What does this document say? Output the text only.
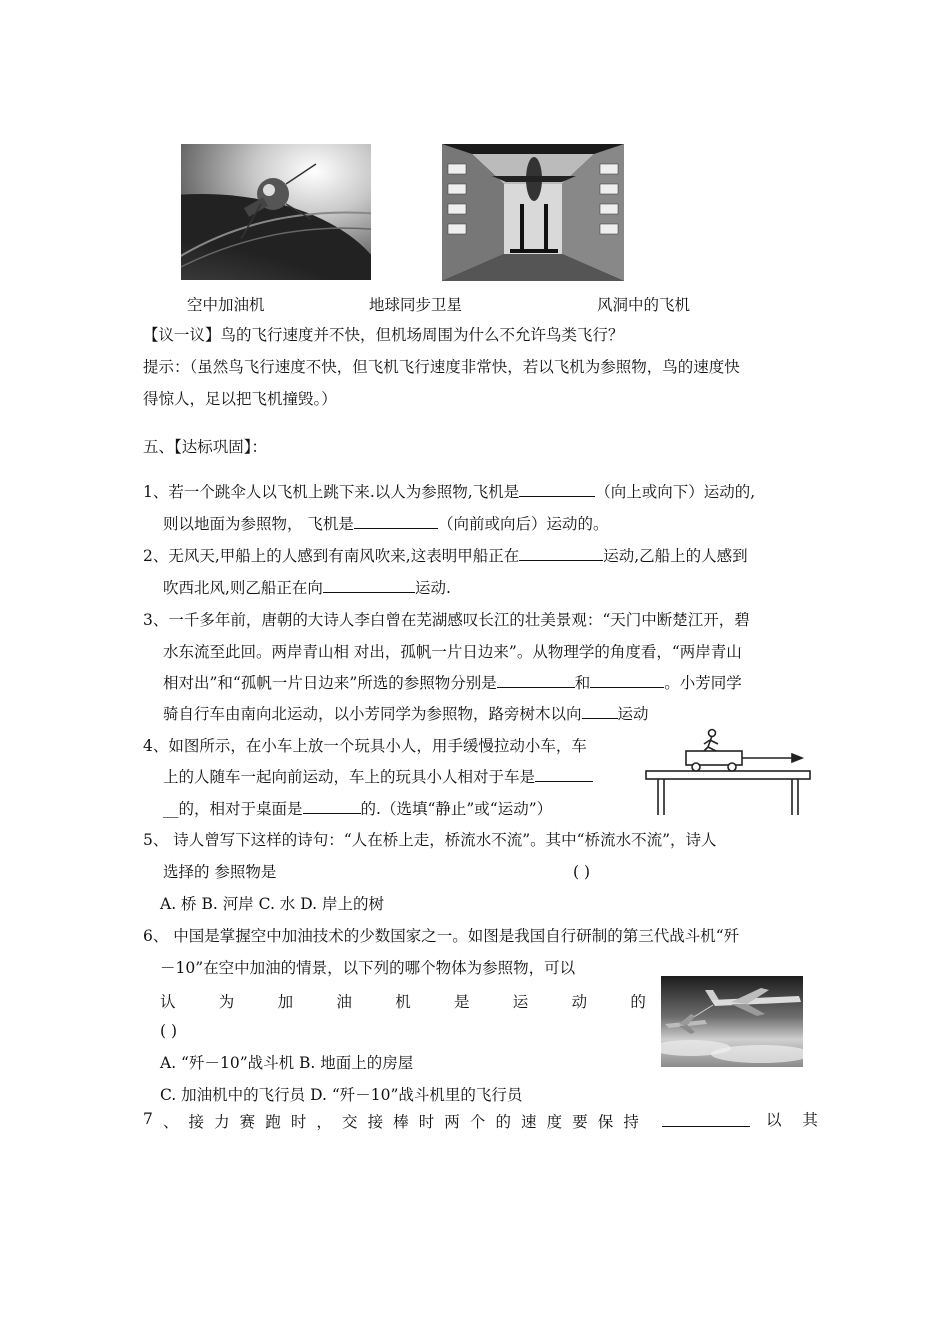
空中加油机	地球同步卫星	风洞中的飞机
【议一议】鸟的飞行速度并不快，但机场周围为什么不允许鸟类飞行？
提示：（虽然鸟飞行速度不快，但飞机飞行速度非常快，若以飞机为参照物，鸟的速度快
得惊人，足以把飞机撞毁。）
五、【达标巩固】：
1、若一个跳伞人以飞机上跳下来.以人为参照物,飞机是	（向上或向下）运动的,
则以地面为参照物， 飞机是	（向前或向后）运动的。
2、无风天,甲船上的人感到有南风吹来,这表明甲船正在	运动,乙船上的人感到
吹西北风,则乙船正在向	运动.
3、一千多年前，唐朝的大诗人李白曾在芜湖感叹长江的壮美景观：“天门中断楚江开，碧
水东流至此回。两岸青山相 对出，孤帆一片日边来”。从物理学的角度看，“两岸青山
相对出”和“孤帆一片日边来”所选的参照物分别是	和	。小芳同学
骑自行车由南向北运动，以小芳同学为参照物，路旁树木以向 运动
4、如图所示，在小车上放一个玩具小人，用手缓慢拉动小车，车
上的人随车一起向前运动，车上的玩具小人相对于车是
__的，相对于桌面是	的.（选填“静止”或“运动”）
5、 诗人曾写下这样的诗句：“人在桥上走，桥流水不流”。其中“桥流水不流”，诗人
选择的 参照物是	( )
A. 桥 B. 河岸 C. 水 D. 岸上的树
6、 中国是掌握空中加油技术的少数国家之一。如图是我国自行研制的第三代战斗机“歼
－10”在空中加油的情景，以下列的哪个物体为参照物，可以
认	为	加	油	机	是	运	动	的
( )
A. “歼－10”战斗机 B. 地面上的房屋
C. 加油机中的飞行员 D. “歼－10”战斗机里的飞行员
7 、 接 力 赛 跑 时 ， 交 接 棒 时 两 个 的 速 度 要 保 持	以 其
